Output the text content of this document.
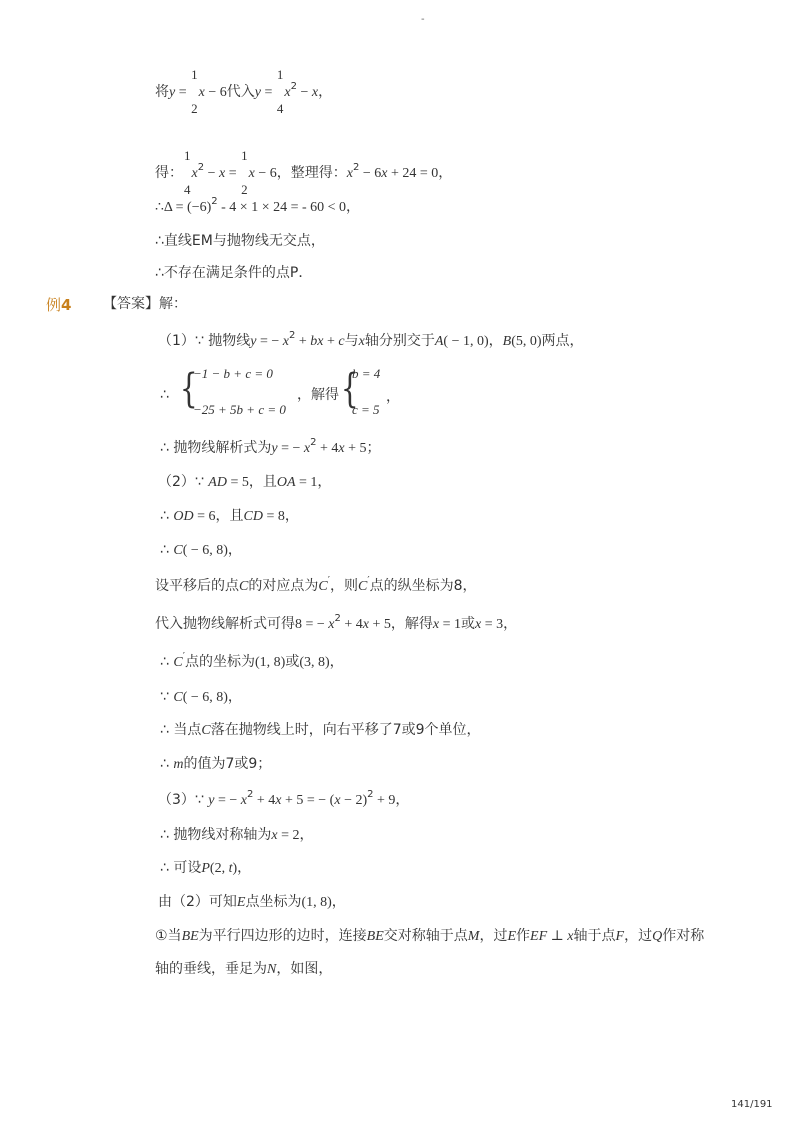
-
将y =
1
2
x − 6代入y =
1
4
$x^2 - x$，
得：
1
4
$x^2 - x$ =
1
2
x − 6，整理得：$x^2 - 6x + 24 = 0$，
∴Δ = $(-6)^2 - 4 \times 1 \times 24$ = - 60 < 0，
∴直线EM与抛物线无交点，
∴不存在满足条件的点P．
例4 【答案】解：
（1）∵ 抛物线y = − $x^2$ + bx + c与x轴分别交于A( − 1, 0)，B(5, 0)两点，
∴ {
−1 − b + c = 0
−25 + 5b + c = 0
，解得 {
b = 4
c = 5
，
∴ 抛物线解析式为y = − $x^2 + 4x + 5$；
（2）∵ AD = 5，且OA = 1，
∴ OD = 6，且CD = 8，
∴ C( − 6, 8)，
设平移后的点C的对应点为C′，则C′点的纵坐标为8，
代入抛物线解析式可得8 = − $x^2 + 4x + 5$，解得x = 1或x = 3，
∴ C′点的坐标为(1, 8)或(3, 8)，
∵ C( − 6, 8)，
∴ 当点C落在抛物线上时，向右平移了7或9个单位，
∴ m的值为7或9；
（3）∵ y = − $x^2 + 4x + 5$ = − $(x - 2)^2 + 9$，
∴ 抛物线对称轴为x = 2，
∴ 可设P(2, t)，
由（2）可知E点坐标为(1, 8)，
①当BE为平行四边形的边时，连接BE交对称轴于点M，过E作EF ⊥ x轴于点F，过Q作对称
轴的垂线，垂足为N，如图，
141/191
